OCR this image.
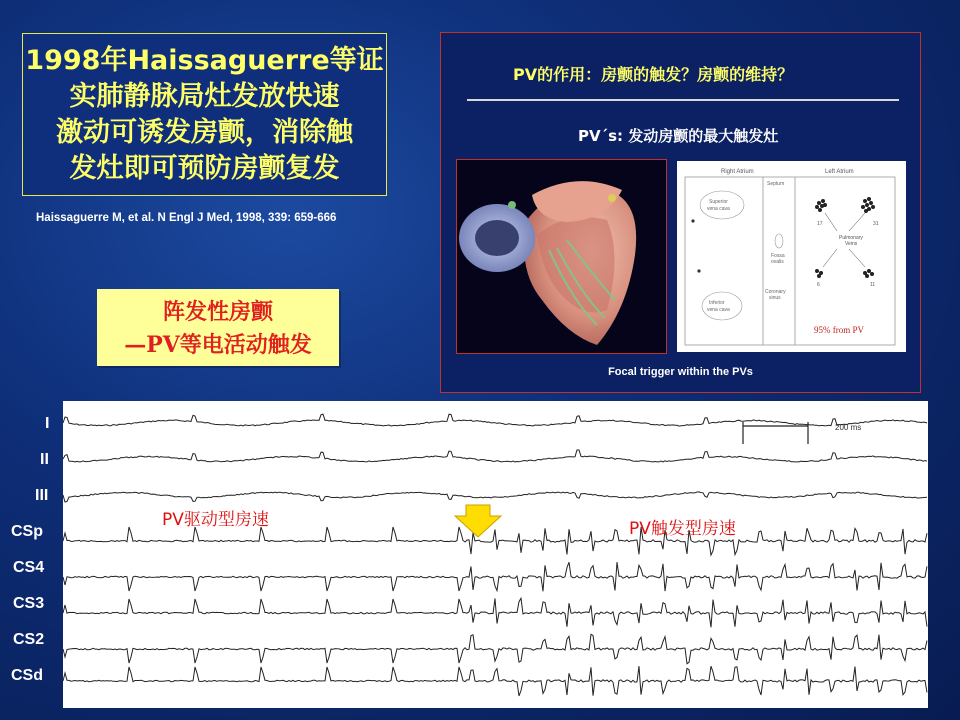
1998年Haissaguerre等证
实肺静脉局灶发放快速
激动可诱发房颤，消除触
发灶即可预防房颤复发
Haissaguerre M, et al. N Engl J Med, 1998, 339: 659-666
阵发性房颤
—PV等电活动触发
PV的作用：房颤的触发？房颤的维持？
PV´s: 发动房颤的最大触发灶
Right Atrium	Left Atrium
Superior
vena cava
Inferior
vena cava
Septum
Fossa
ovalis
Coronary
sinus
17	31
Pulmonary
Veins
6	11
95% from PV
Focal trigger within the PVs
I
II
III
CSp
CS4
CS3
CS2
CSd
200 ms
PV驱动型房速	PV触发型房速
